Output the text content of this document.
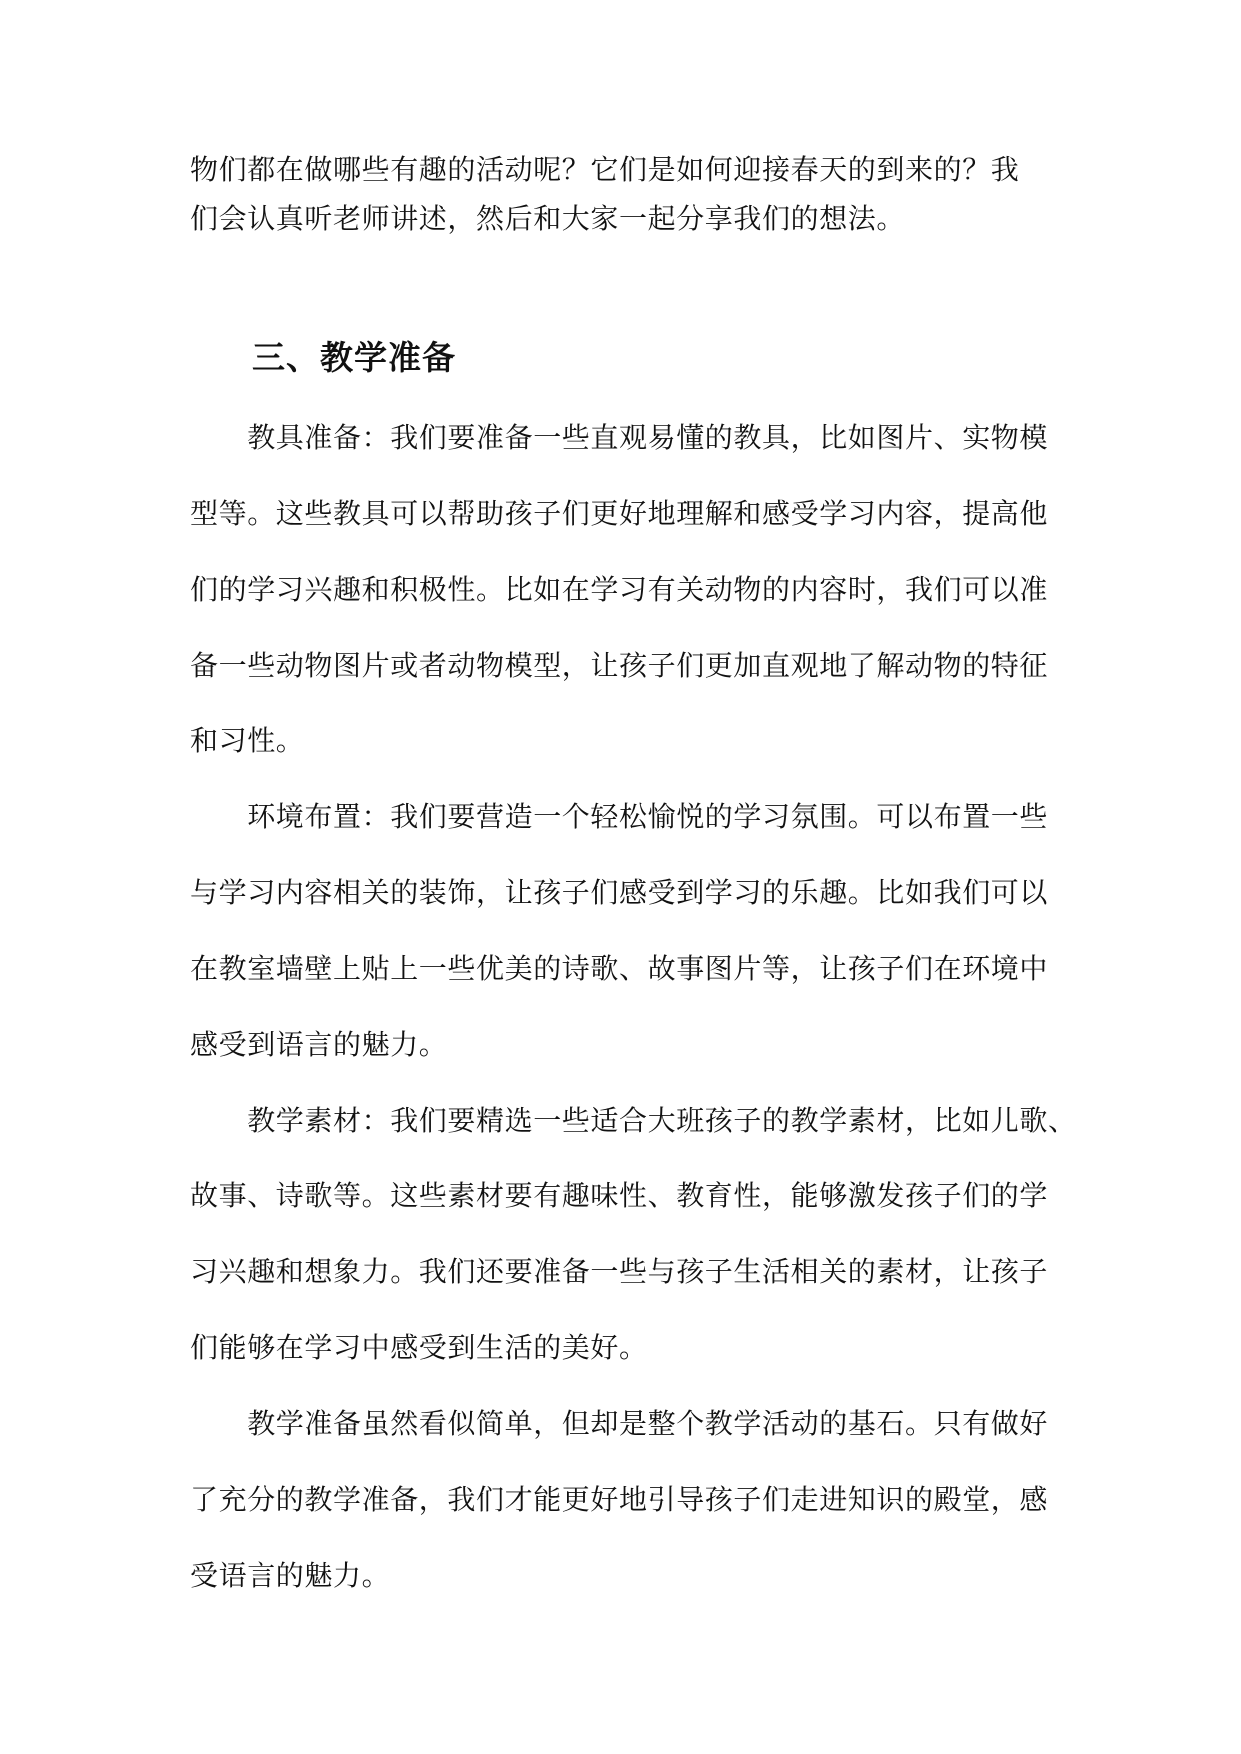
物们都在做哪些有趣的活动呢？它们是如何迎接春天的到来的？我
们会认真听老师讲述，然后和大家一起分享我们的想法。
三、教学准备
　　教具准备：我们要准备一些直观易懂的教具，比如图片、实物模
型等。这些教具可以帮助孩子们更好地理解和感受学习内容，提高他
们的学习兴趣和积极性。比如在学习有关动物的内容时，我们可以准
备一些动物图片或者动物模型，让孩子们更加直观地了解动物的特征
和习性。
　　环境布置：我们要营造一个轻松愉悦的学习氛围。可以布置一些
与学习内容相关的装饰，让孩子们感受到学习的乐趣。比如我们可以
在教室墙壁上贴上一些优美的诗歌、故事图片等，让孩子们在环境中
感受到语言的魅力。
　　教学素材：我们要精选一些适合大班孩子的教学素材，比如儿歌、
故事、诗歌等。这些素材要有趣味性、教育性，能够激发孩子们的学
习兴趣和想象力。我们还要准备一些与孩子生活相关的素材，让孩子
们能够在学习中感受到生活的美好。
　　教学准备虽然看似简单，但却是整个教学活动的基石。只有做好
了充分的教学准备，我们才能更好地引导孩子们走进知识的殿堂，感
受语言的魅力。
